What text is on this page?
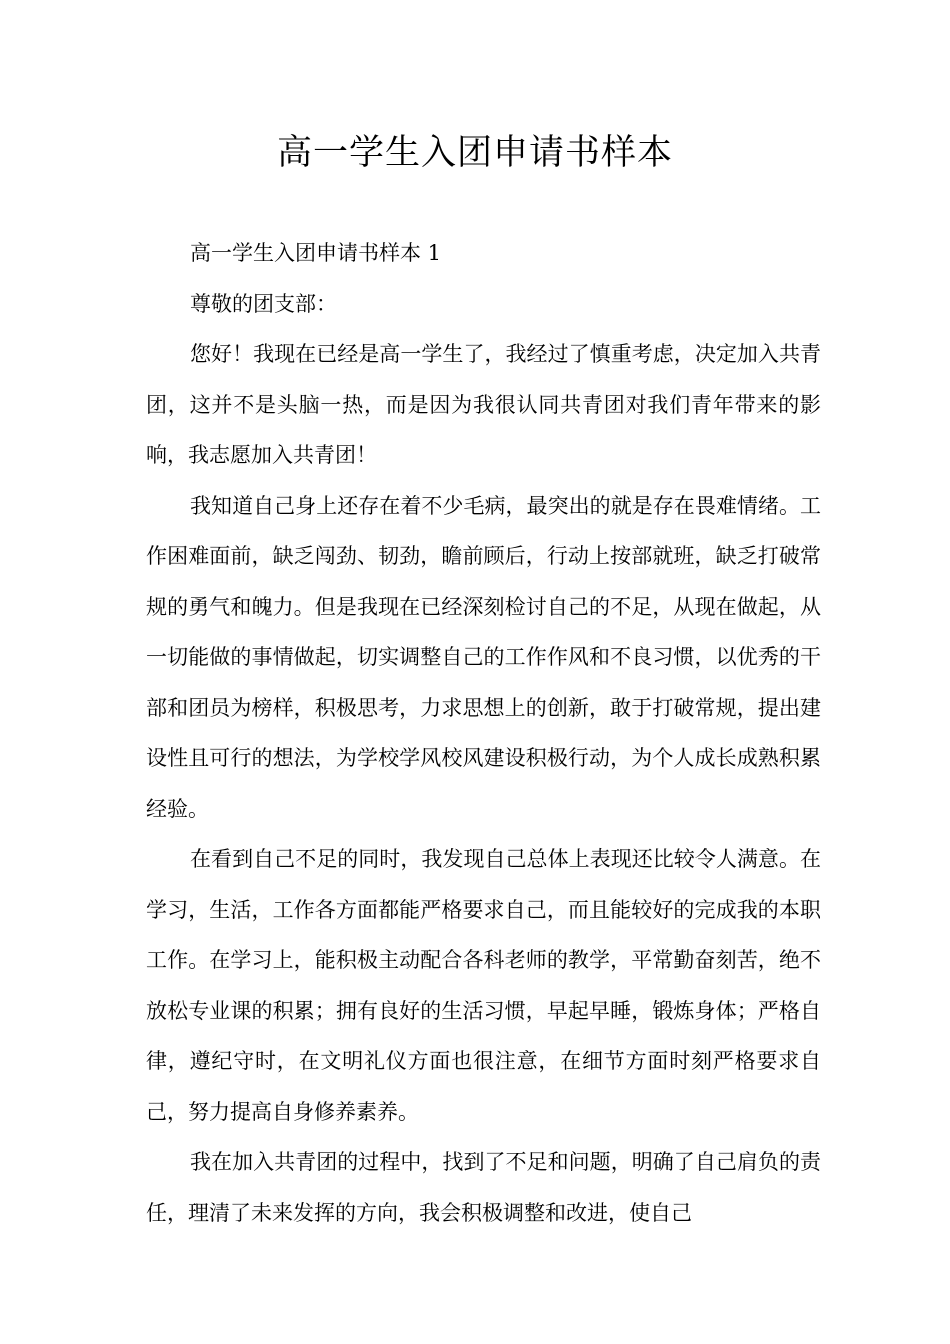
高一学生入团申请书样本

高一学生入团申请书样本 1

尊敬的团支部：

您好！我现在已经是高一学生了，我经过了慎重考虑，决定加入共青团，这并不是头脑一热，而是因为我很认同共青团对我们青年带来的影响，我志愿加入共青团！

我知道自己身上还存在着不少毛病，最突出的就是存在畏难情绪。工作困难面前，缺乏闯劲、韧劲，瞻前顾后，行动上按部就班，缺乏打破常规的勇气和魄力。但是我现在已经深刻检讨自己的不足，从现在做起，从一切能做的事情做起，切实调整自己的工作作风和不良习惯，以优秀的干部和团员为榜样，积极思考，力求思想上的创新，敢于打破常规，提出建设性且可行的想法，为学校学风校风建设积极行动，为个人成长成熟积累经验。

在看到自己不足的同时，我发现自己总体上表现还比较令人满意。在学习，生活，工作各方面都能严格要求自己，而且能较好的完成我的本职工作。在学习上，能积极主动配合各科老师的教学，平常勤奋刻苦，绝不放松专业课的积累；拥有良好的生活习惯，早起早睡，锻炼身体；严格自律，遵纪守时，在文明礼仪方面也很注意，在细节方面时刻严格要求自己，努力提高自身修养素养。

我在加入共青团的过程中，找到了不足和问题，明确了自己肩负的责任，理清了未来发挥的方向，我会积极调整和改进，使自己
